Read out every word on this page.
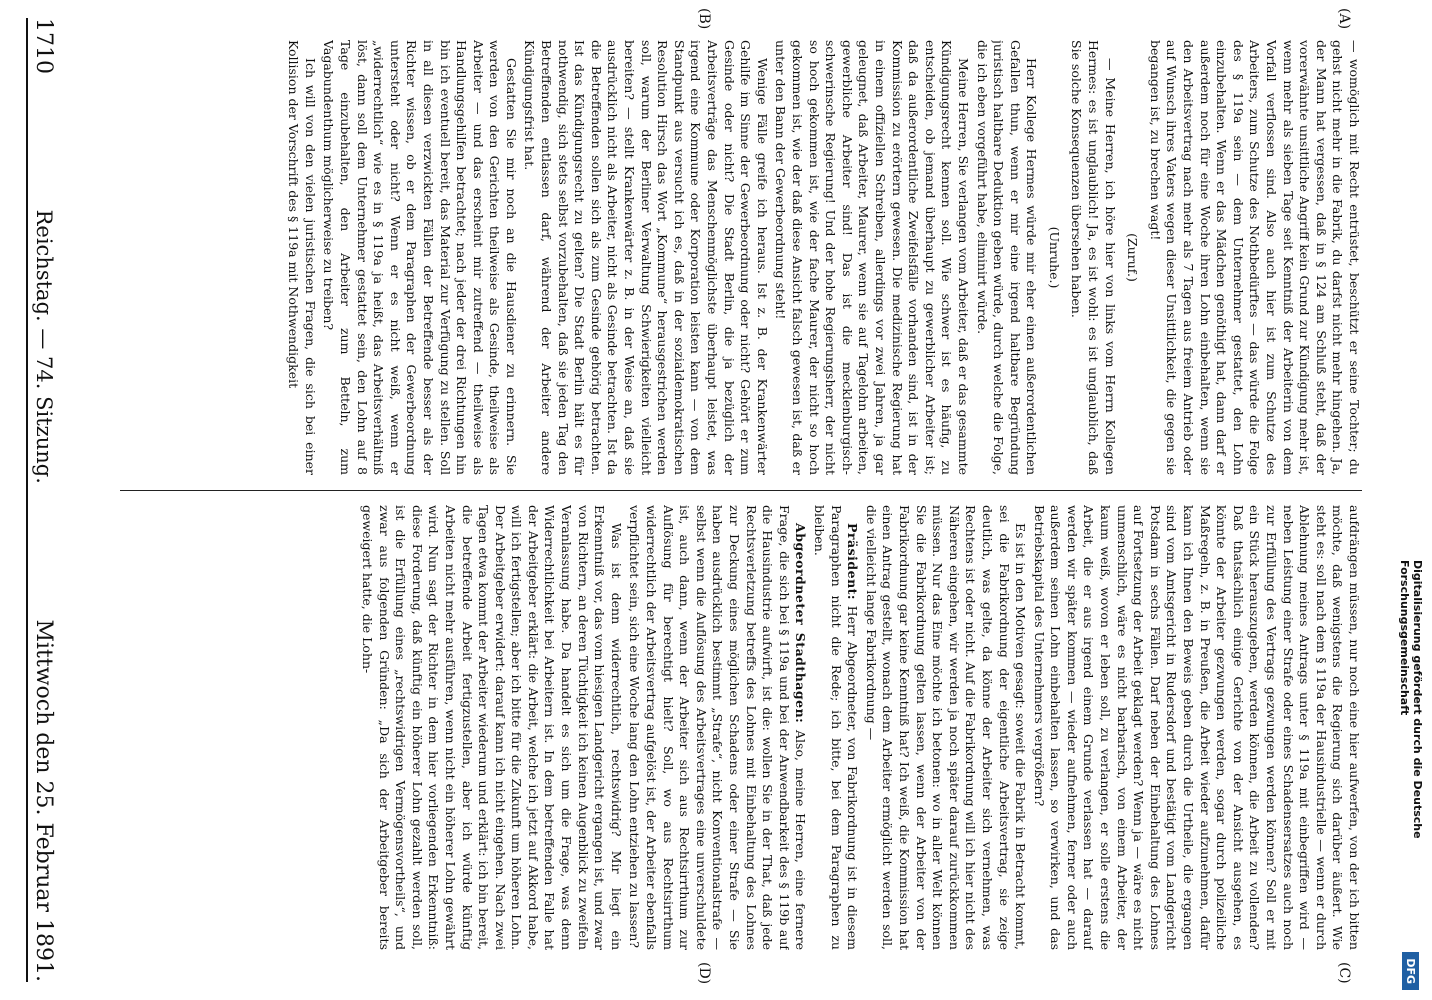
Digitalisierung gefördert durch die Deutsche Forschungsgemeinschaft
DFG
(A)
(B)
(C)
(D)

— womöglich mit Recht entrüstet, beschützt er seine Tochter; du gehst nicht mehr in die Fabrik, du darfst nicht mehr hingehen. Ja, der Mann hat vergessen, daß in § 124 am Schluß steht, daß der vorerwähnte unsittliche Angriff kein Grund zur Kündigung mehr ist, wenn mehr als sieben Tage seit Kenntniß der Arbeiterin von dem Vorfall verflossen sind. Also auch hier ist zum Schutze des Arbeiters, zum Schutze des Nothbedürftes — das würde die Folge des § 119a sein — dem Unternehmer gestattet, den Lohn einzubehalten. Wenn er das Mädchen genöthigt hat, dann darf er außerdem noch für eine Woche ihren Lohn einbehalten, wenn sie den Arbeitsvertrag nach mehr als 7 Tagen aus freiem Antrieb oder auf Wunsch ihres Vaters wegen dieser Unsittlichkeit, die gegen sie begangen ist, zu brechen wagt!

(Zuruf.)

— Meine Herren, ich höre hier von links vom Herrn Kollegen Hermes: es ist unglaublich! Ja, es ist wohl: es ist unglaublich, daß Sie solche Konsequenzen übersehen haben.

(Unruhe.)

Herr Kollege Hermes würde mir eher einen außerordentlichen Gefallen thun, wenn er mir eine irgend haltbare Begründung juristisch haltbare Deduktion geben würde, durch welche die Folge, die ich eben vorgeführt habe, eliminirt würde.

Meine Herren, Sie verlangen vom Arbeiter, daß er das gesammte Kündigungsrecht kennen soll. Wie schwer ist es häufig, zu entscheiden, ob jemand überhaupt zu gewerblicher Arbeiter ist; daß da außerordentliche Zweifelsfälle vorhanden sind, ist in der Kommission zu erörtern gewesen. Die medizinische Regierung hat in einem offiziellen Schreiben, allerdings vor zwei Jahren, ja gar geleugnet, daß Arbeiter, Maurer, wenn sie auf Tagelohn arbeiten, gewerbliche Arbeiter sind! Das ist die mecklenburgisch-schwerinsche Regierung! Und der hohe Regierungsherr, der nicht so hoch gekommen ist, wie der fache Maurer, der nicht so hoch gekommen ist, wie der daß diese Ansicht falsch gewesen ist, daß er unter den Bann der Gewerbeordnung steht!

Wenige Fälle greife ich heraus. Ist z. B. der Krankenwärter Gehilfe im Sinne der Gewerbeordnung oder nicht? Gehört er zum Gesinde oder nicht? Die Stadt Berlin, die ja bezüglich der Arbeitsverträge das Menschenmöglichste überhaupt leistet, was irgend eine Kommune oder Korporation leisten kann — von dem Standpunkt aus versucht ich es, daß in der sozialdemokratischen Resolution Hirsch das Wort „Kommune“ herausgestrichen werden soll, warum der Berliner Verwaltung Schwierigkeiten vielleicht bereiten? — stellt Krankenwärter z. B. in der Weise an, daß sie ausdrücklich nicht als Arbeiter, nicht als Gesinde betrachten. Ist da die Betreffenden sollen sich als zum Gesinde gehörig betrachten. Ist das Kündigungsrecht zu gelten? Die Stadt Berlin hält es für nothwendig, sich stets selbst vorzubehalten, daß sie jeden Tag den Betreffenden entlassen darf, während der Arbeiter andere Kündigungsfrist hat.

Gestatten Sie mir noch an die Hausdiener zu erinnern. Sie werden von den Gerichten theilweise als Gesinde, theilweise als Arbeiter — und das erscheint mir zutreffend — theilweise als Handlungsgehilfen betrachtet; nach jeder der drei Richtungen hin bin ich eventuell bereit, das Material zur Verfügung zu stellen. Soll in all diesen verzwickten Fällen der Betreffende besser als der Richter wissen, ob er dem Paragraphen der Gewerbeordnung untersteht oder nicht? Wenn er es nicht weiß, wenn er „widerrechtlich“ wie es in § 119a ja heißt, das Arbeitsverhältniß löst, dann soll dem Unternehmer gestattet sein, den Lohn auf 8 Tage einzubehalten, den Arbeiter zum Betteln, zum Vagabundenthum möglicherweise zu treiben?

Ich will von den vielen juristischen Fragen, die sich bei einer Kollision der Vorschrift des § 119a mit Nothwendigkeit

aufdrängen müssen, nur noch eine hier aufwerfen, von der ich bitten möchte, daß wenigstens die Regierung sich darüber äußert. Wie steht es: soll nach dem § 119a der Hausindustrielle — wenn er durch Ablehnung meines Antrags unter § 119a mit einbegriffen wird — neben Leistung einer Strafe oder eines Schadensersatzes auch noch zur Erfüllung des Vertrags gezwungen werden können? Soll er mit ein Stück herauszugeben, werden können, die Arbeit zu vollenden? Daß thatsächlich einige Gerichte von der Ansicht ausgehen, es könnte der Arbeiter gezwungen werden, sogar durch polizeiliche Maßregeln, z. B. in Preußen, die Arbeit wieder aufzunehmen, dafür kann ich Ihnen den Beweis geben durch die Urtheile, die ergangen sind vom Amtsgericht in Rudersdorf und bestätigt vom Landgericht Potsdam in sechs Fällen. Darf neben der Einbehaltung des Lohnes auf Fortsetzung der Arbeit geklagt werden? Wenn ja — wäre es nicht unmenschlich, wäre es nicht barbarisch, von einem Arbeiter, der kaum weiß, wovon er leben soll, zu verlangen, er solle erstens die Arbeit, die er aus irgend einem Grunde verlassen hat — darauf werden wir später kommen — wieder aufnehmen, ferner oder auch außerdem seinen Lohn einbehalten lassen, so verwirken, und das Betriebskapital des Unternehmers vergrößern?

Es ist in den Motiven gesagt: soweit die Fabrik in Betracht kommt, sei die Fabrikordnung der eigentliche Arbeitsvertrag, sie zeige deutlich, was gelte, da könne der Arbeiter sich vernehmen, was Rechtens ist oder nicht. Auf die Fabrikordnung will ich hier nicht des Näheren eingehen, wir werden ja noch später darauf zurückkommen müssen. Nur das Eine möchte ich betonen: wo in aller Welt können Sie die Fabrikordnung gelten lassen, wenn der Arbeiter von der Fabrikordnung gar keine Kenntniß hat? Ich weiß, die Kommission hat einen Antrag gestellt, wonach dem Arbeiter ermöglicht werden soll, die vielleicht lange Fabrikordnung —

Präsident: Herr Abgeordneter, von Fabrikordnung ist in diesem Paragraphen nicht die Rede; ich bitte, bei dem Paragraphen zu bleiben.

Abgeordneter Stadthagen: Also, meine Herren, eine fernere Frage, die sich bei § 119a und bei der Anwendbarkeit des § 119b auf die Hausindustrie aufwirft, ist die: wollen Sie in der That, daß jede Rechtsverletzung betreffs des Lohnes mit Einbehaltung des Lohnes zur Deckung eines möglichen Schadens oder einer Strafe — Sie haben ausdrücklich bestimmt „Strafe“, nicht Konventionalstrafe — selbst wenn die Auflösung des Arbeitsvertrages eine unverschuldete ist, auch dann, wenn der Arbeiter sich aus Rechtsirrthum zur Auflösung für berechtigt hielt? Soll, wo aus Rechtsirrthum widerrechtlich der Arbeitsvertrag aufgelöst ist, der Arbeiter ebenfalls verpflichtet sein, sich eine Woche lang den Lohn entziehen zu lassen?

Was ist denn widerrechtlich, rechtswidrig? Mir liegt ein Erkenntniß vor, das vom hiesigen Landgericht ergangen ist, und zwar von Richtern, an deren Tüchtigkeit ich keinen Augenblick zu zweifeln Veranlassung habe. Da handelt es sich um die Frage, was denn Widerrechtlichkeit bei Arbeitern ist. In dem betreffenden Falle hat der Arbeitgeber erklärt: die Arbeit, welche ich jetzt auf Akkord habe, will ich fertigstellen; aber ich bitte für die Zukunft um höheren Lohn. Der Arbeitgeber erwidert: darauf kann ich nicht eingehen. Nach zwei Tagen etwa kommt der Arbeiter wiederum und erklärt: ich bin bereit, die betreffende Arbeit fertigzustellen, aber ich würde künftig Arbeiten nicht mehr ausführen, wenn nicht ein höherer Lohn gewährt wird. Nun sagt der Richter in dem hier vorliegenden Erkenntniß: diese Forderung, daß künftig ein höherer Lohn gezahlt werden soll, ist die Erfüllung eines „rechtswidrigen Vermögensvortheils“, und zwar aus folgenden Gründen: „Da sich der Arbeitgeber bereits geweigert hatte, die Lohn-

1710
Reichstag. — 74. Sitzung.
Mittwoch den 25. Februar 1891.
